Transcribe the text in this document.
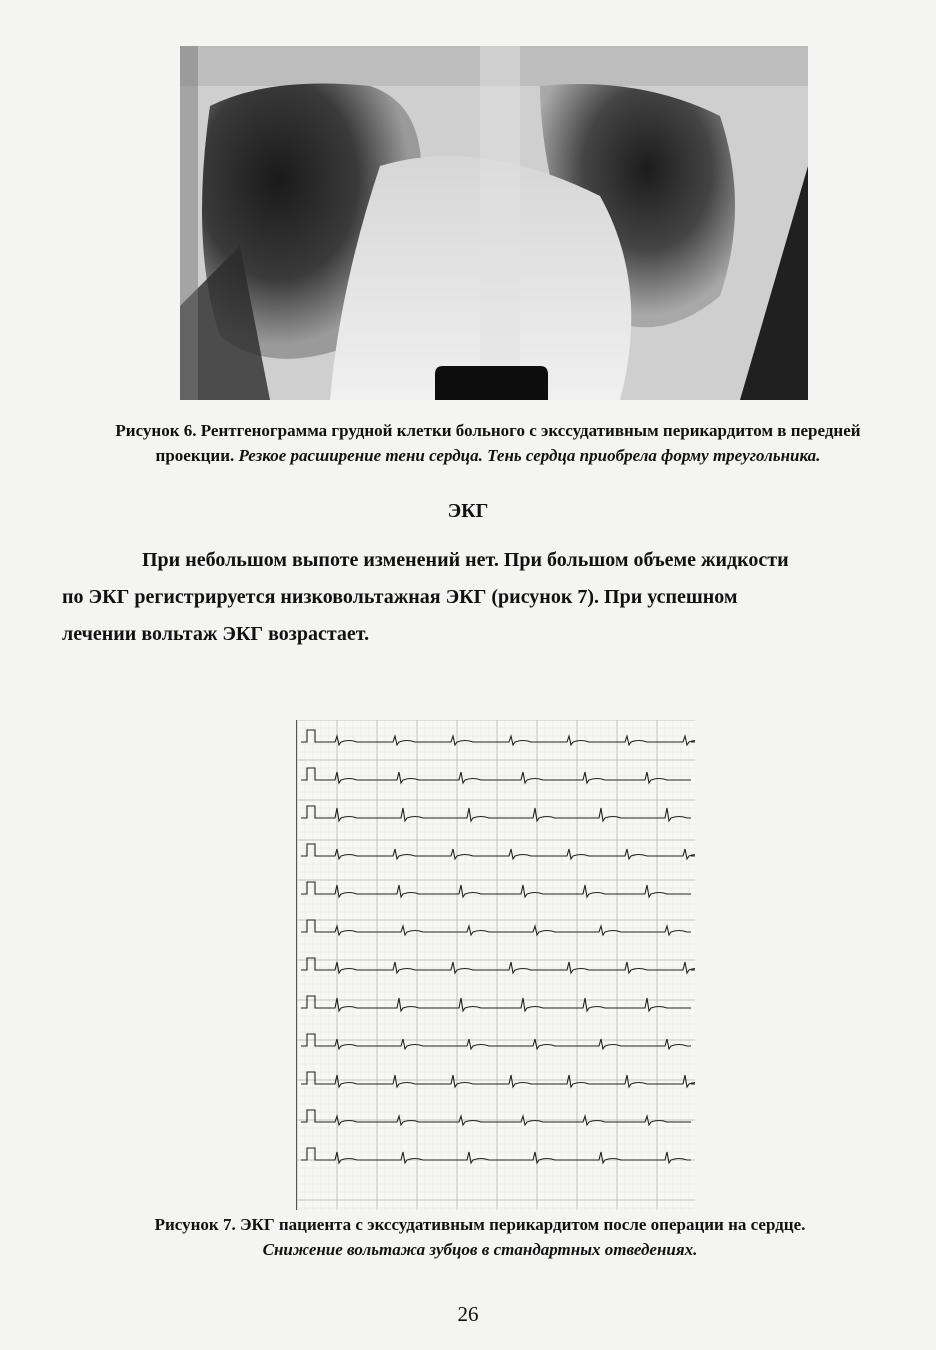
Рисунок 6. Рентгенограмма грудной клетки больного с экссудативным перикардитом в передней проекции. Резкое расширение тени сердца. Тень сердца приобрела форму треугольника.
ЭКГ
При небольшом выпоте изменений нет. При большом объеме жидкости
по ЭКГ регистрируется низковольтажная ЭКГ (рисунок 7). При успешном
лечении вольтаж ЭКГ возрастает.
Рисунок 7. ЭКГ пациента с экссудативным перикардитом после операции на сердце.
Снижение вольтажа зубцов в стандартных отведениях.
26
